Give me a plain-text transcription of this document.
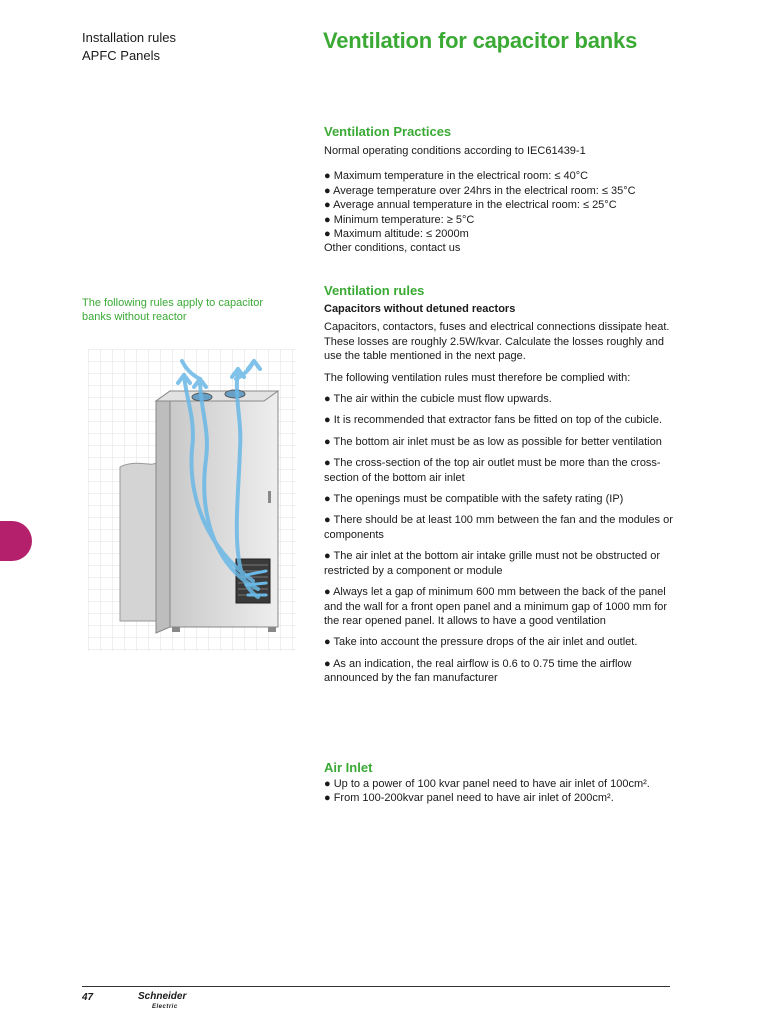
Installation rules
APFC Panels
Ventilation for capacitor banks
Ventilation Practices
Normal operating conditions according to IEC61439-1
● Maximum temperature in the electrical room: ≤ 40°C
● Average temperature over 24hrs in the electrical room: ≤ 35°C
● Average annual temperature in the electrical room: ≤ 25°C
● Minimum temperature: ≥ 5°C
● Maximum altitude: ≤ 2000m
Other conditions, contact us
The following rules apply to capacitor banks without reactor
Ventilation rules
Capacitors without detuned reactors

Capacitors, contactors, fuses and electrical connections dissipate heat. These losses are roughly 2.5W/kvar. Calculate the losses roughly and use the table mentioned in the next page.

The following ventilation rules must therefore be complied with:

● The air within the cubicle must flow upwards.

● It is recommended that extractor fans be fitted on top of the cubicle.

● The bottom air inlet must be as low as possible for better ventilation

● The cross-section of the top air outlet must be more than the cross-section of the bottom air inlet

● The openings must be compatible with the safety rating (IP)

● There should be at least 100 mm between the fan and the modules or components

● The air inlet at the bottom air intake grille must not be obstructed or restricted by a component or module

● Always let a gap of minimum 600 mm between the back of the panel and the wall for a front open panel and a minimum gap of 1000 mm for the rear opened panel. It allows to have a good ventilation

● Take into account the pressure drops of the air inlet and outlet.

● As an indication, the real airflow is 0.6 to 0.75 time the airflow announced by the fan manufacturer

Air Inlet
● Up to a power of 100 kvar panel need to have air inlet of 100cm².
● From 100-200kvar panel need to have air inlet of 200cm².
47	Schneider
Electric
